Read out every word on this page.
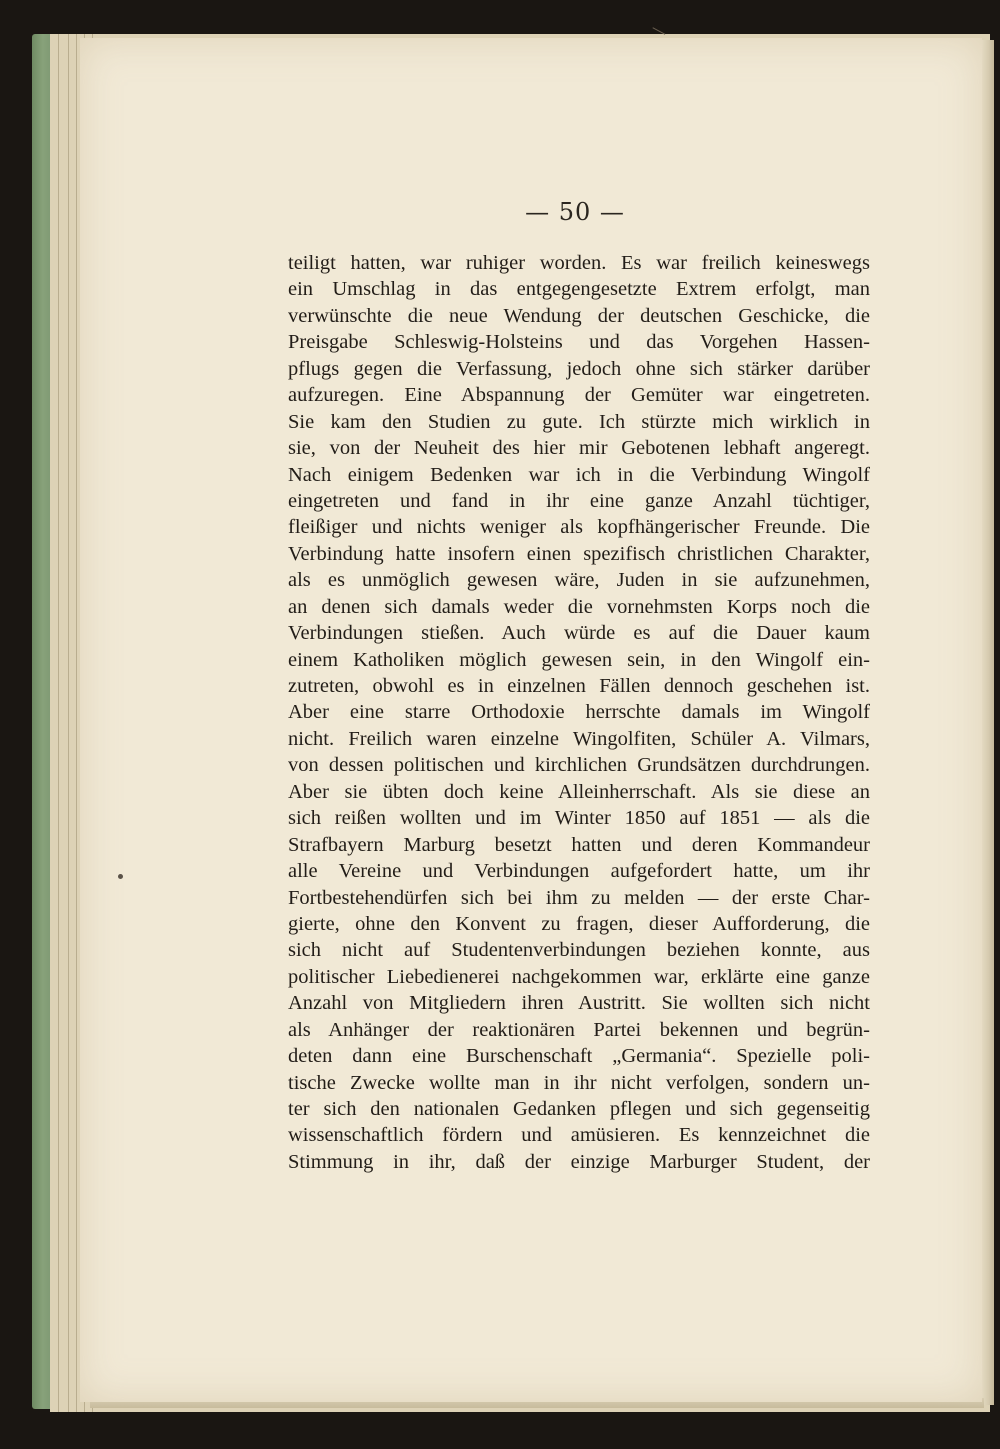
— 50 —
teiligt hatten, war ruhiger worden. Es war freilich keineswegs
ein Umschlag in das entgegengesetzte Extrem erfolgt, man
verwünschte die neue Wendung der deutschen Geschicke, die
Preisgabe Schleswig-Holsteins und das Vorgehen Hassen-
pflugs gegen die Verfassung, jedoch ohne sich stärker darüber
aufzuregen. Eine Abspannung der Gemüter war eingetreten.
Sie kam den Studien zu gute. Ich stürzte mich wirklich in
sie, von der Neuheit des hier mir Gebotenen lebhaft angeregt.
Nach einigem Bedenken war ich in die Verbindung Wingolf
eingetreten und fand in ihr eine ganze Anzahl tüchtiger,
fleißiger und nichts weniger als kopfhängerischer Freunde. Die
Verbindung hatte insofern einen spezifisch christlichen Charakter,
als es unmöglich gewesen wäre, Juden in sie aufzunehmen,
an denen sich damals weder die vornehmsten Korps noch die
Verbindungen stießen. Auch würde es auf die Dauer kaum
einem Katholiken möglich gewesen sein, in den Wingolf ein-
zutreten, obwohl es in einzelnen Fällen dennoch geschehen ist.
Aber eine starre Orthodoxie herrschte damals im Wingolf
nicht. Freilich waren einzelne Wingolfiten, Schüler A. Vilmars,
von dessen politischen und kirchlichen Grundsätzen durchdrungen.
Aber sie übten doch keine Alleinherrschaft. Als sie diese an
sich reißen wollten und im Winter 1850 auf 1851 — als die
Strafbayern Marburg besetzt hatten und deren Kommandeur
alle Vereine und Verbindungen aufgefordert hatte, um ihr
Fortbestehendürfen sich bei ihm zu melden — der erste Char-
gierte, ohne den Konvent zu fragen, dieser Aufforderung, die
sich nicht auf Studentenverbindungen beziehen konnte, aus
politischer Liebedienerei nachgekommen war, erklärte eine ganze
Anzahl von Mitgliedern ihren Austritt. Sie wollten sich nicht
als Anhänger der reaktionären Partei bekennen und begrün-
deten dann eine Burschenschaft „Germania“. Spezielle poli-
tische Zwecke wollte man in ihr nicht verfolgen, sondern un-
ter sich den nationalen Gedanken pflegen und sich gegenseitig
wissenschaftlich fördern und amüsieren. Es kennzeichnet die
Stimmung in ihr, daß der einzige Marburger Student, der
